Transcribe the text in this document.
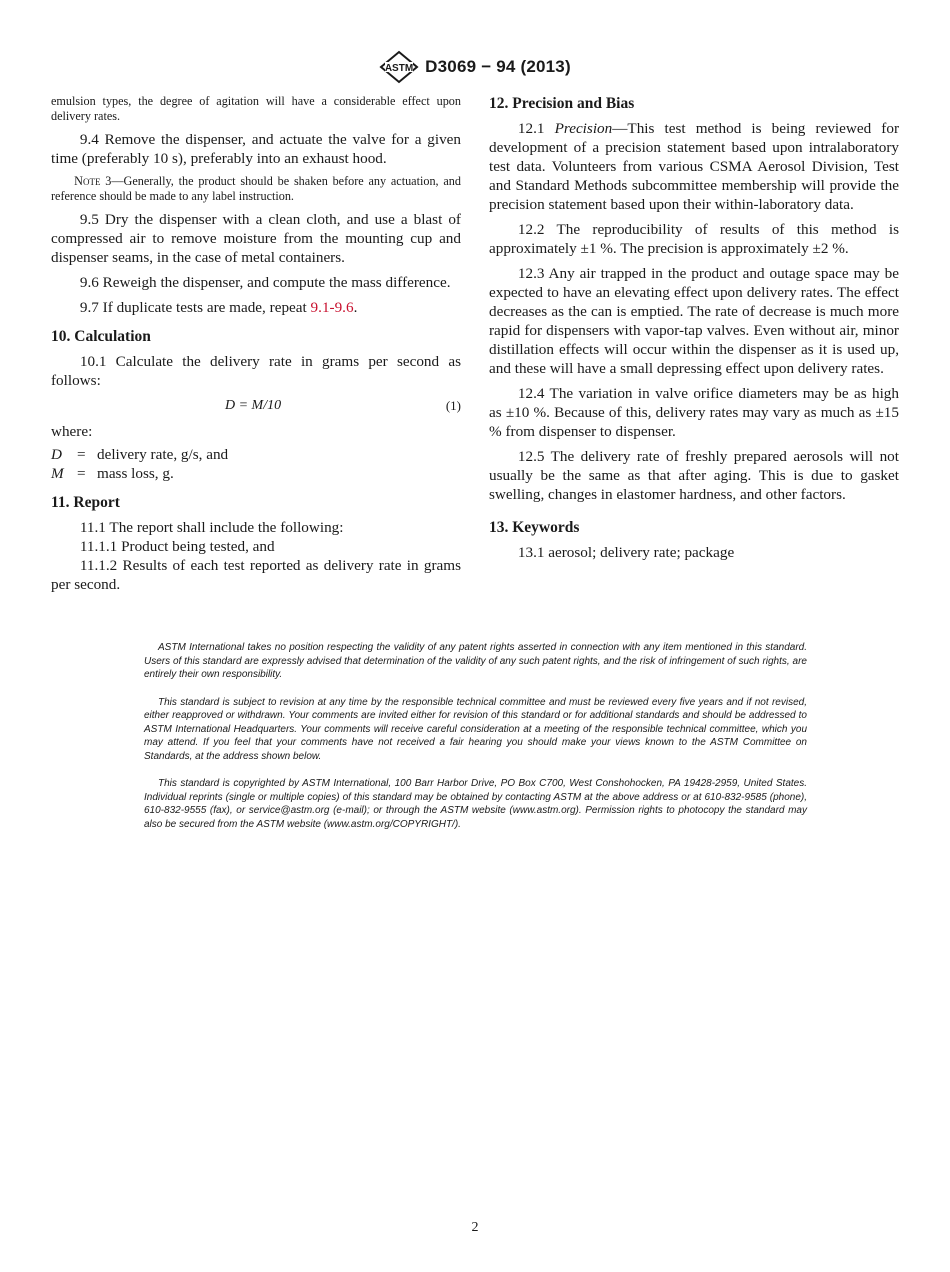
ASTM D3069 − 94 (2013)

emulsion types, the degree of agitation will have a considerable effect upon delivery rates.

9.4 Remove the dispenser, and actuate the valve for a given time (preferably 10 s), preferably into an exhaust hood.

Note 3—Generally, the product should be shaken before any actuation, and reference should be made to any label instruction.

9.5 Dry the dispenser with a clean cloth, and use a blast of compressed air to remove moisture from the mounting cup and dispenser seams, in the case of metal containers.

9.6 Reweigh the dispenser, and compute the mass difference.

9.7 If duplicate tests are made, repeat 9.1-9.6.

10. Calculation

10.1 Calculate the delivery rate in grams per second as follows:

D = M/10	(1)

where:

D = delivery rate, g/s, and
M = mass loss, g.

11. Report

11.1 The report shall include the following:

11.1.1 Product being tested, and

11.1.2 Results of each test reported as delivery rate in grams per second.

12. Precision and Bias

12.1 Precision—This test method is being reviewed for development of a precision statement based upon intralaboratory test data. Volunteers from various CSMA Aerosol Division, Test and Standard Methods subcommittee membership will provide the precision statement based upon their within-laboratory data.

12.2 The reproducibility of results of this method is approximately ±1 %. The precision is approximately ±2 %.

12.3 Any air trapped in the product and outage space may be expected to have an elevating effect upon delivery rates. The effect decreases as the can is emptied. The rate of decrease is much more rapid for dispensers with vapor-tap valves. Even without air, minor distillation effects will occur within the dispenser as it is used up, and these will have a small depressing effect upon delivery rates.

12.4 The variation in valve orifice diameters may be as high as ±10 %. Because of this, delivery rates may vary as much as ±15 % from dispenser to dispenser.

12.5 The delivery rate of freshly prepared aerosols will not usually be the same as that after aging. This is due to gasket swelling, changes in elastomer hardness, and other factors.

13. Keywords

13.1 aerosol; delivery rate; package

ASTM International takes no position respecting the validity of any patent rights asserted in connection with any item mentioned in this standard. Users of this standard are expressly advised that determination of the validity of any such patent rights, and the risk of infringement of such rights, are entirely their own responsibility.

This standard is subject to revision at any time by the responsible technical committee and must be reviewed every five years and if not revised, either reapproved or withdrawn. Your comments are invited either for revision of this standard or for additional standards and should be addressed to ASTM International Headquarters. Your comments will receive careful consideration at a meeting of the responsible technical committee, which you may attend. If you feel that your comments have not received a fair hearing you should make your views known to the ASTM Committee on Standards, at the address shown below.

This standard is copyrighted by ASTM International, 100 Barr Harbor Drive, PO Box C700, West Conshohocken, PA 19428-2959, United States. Individual reprints (single or multiple copies) of this standard may be obtained by contacting ASTM at the above address or at 610-832-9585 (phone), 610-832-9555 (fax), or service@astm.org (e-mail); or through the ASTM website (www.astm.org). Permission rights to photocopy the standard may also be secured from the ASTM website (www.astm.org/COPYRIGHT/).

2
